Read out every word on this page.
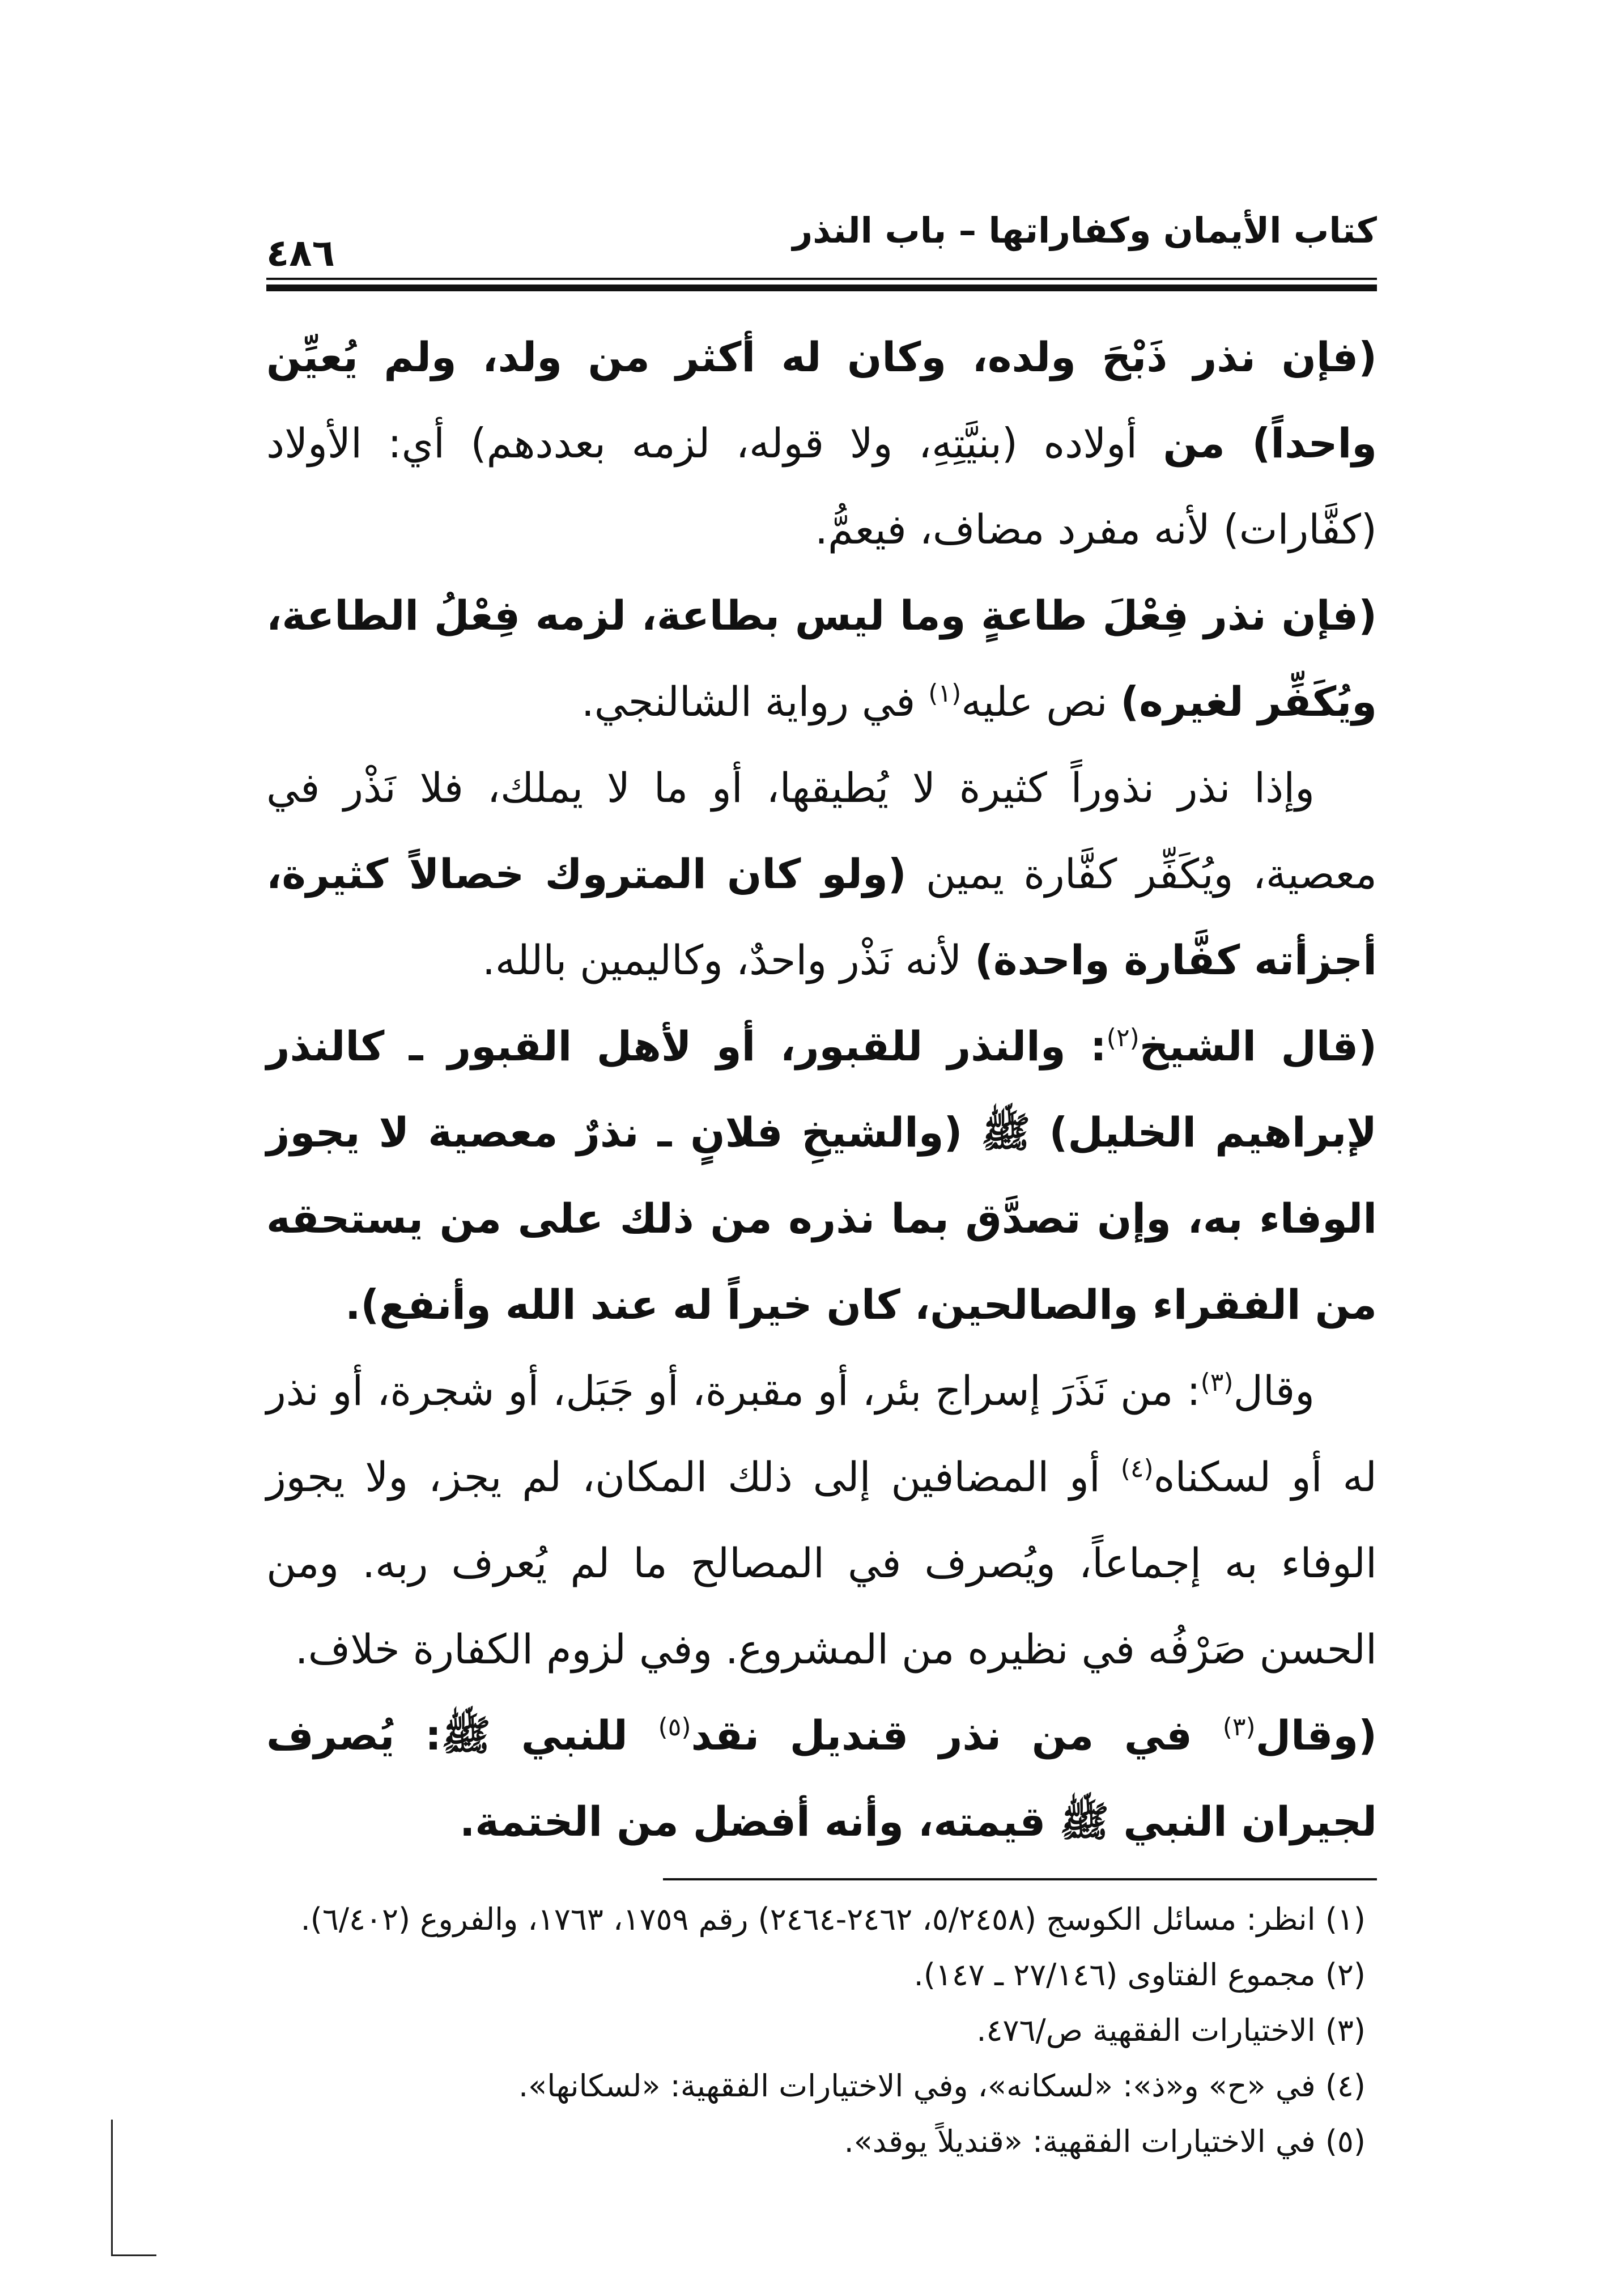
كتاب الأيمان وكفاراتها – باب النذر
٤٨٦

(فإن نذر ذَبْحَ ولده، وكان له أكثر من ولد، ولم يُعيِّن واحداً) من أولاده (بنيَّتِهِ، ولا قوله، لزمه بعددهم) أي: الأولاد (كفَّارات) لأنه مفرد مضاف، فيعمُّ.

(فإن نذر فِعْلَ طاعةٍ وما ليس بطاعة، لزمه فِعْلُ الطاعة، ويُكَفِّر لغيره) نص عليه$^{(١)}$ في رواية الشالنجي.

وإذا نذر نذوراً كثيرة لا يُطيقها، أو ما لا يملك، فلا نَذْر في معصية، ويُكَفِّر كفَّارة يمين (ولو كان المتروك خصالاً كثيرة، أجزأته كفَّارة واحدة) لأنه نَذْر واحدٌ، وكاليمين بالله.

(قال الشيخ$^{(٢)}$: والنذر للقبور، أو لأهل القبور ـ كالنذر لإبراهيم الخليل) ﷺ (والشيخِ فلانٍ ـ نذرٌ معصية لا يجوز الوفاء به، وإن تصدَّق بما نذره من ذلك على من يستحقه من الفقراء والصالحين، كان خيراً له عند الله وأنفع).

وقال$^{(٣)}$: من نَذَرَ إسراج بئر، أو مقبرة، أو جَبَل، أو شجرة، أو نذر له أو لسكناه$^{(٤)}$ أو المضافين إلى ذلك المكان، لم يجز، ولا يجوز الوفاء به إجماعاً، ويُصرف في المصالح ما لم يُعرف ربه. ومن الحسن صَرْفُه في نظيره من المشروع. وفي لزوم الكفارة خلاف.

(وقال$^{(٣)}$ في من نذر قنديل نقد$^{(٥)}$ للنبي ﷺ: يُصرف لجيران النبي ﷺ قيمته، وأنه أفضل من الختمة.

(١) انظر: مسائل الكوسج (٥/٢٤٥٨، ٢٤٦٢-٢٤٦٤) رقم ١٧٥٩، ١٧٦٣، والفروع (٦/٤٠٢).

(٢) مجموع الفتاوى (٢٧/١٤٦ ـ ١٤٧).

(٣) الاختيارات الفقهية ص/٤٧٦.

(٤) في «ح» و«ذ»: «لسكانه»، وفي الاختيارات الفقهية: «لسكانها».

(٥) في الاختيارات الفقهية: «قنديلاً يوقد».
